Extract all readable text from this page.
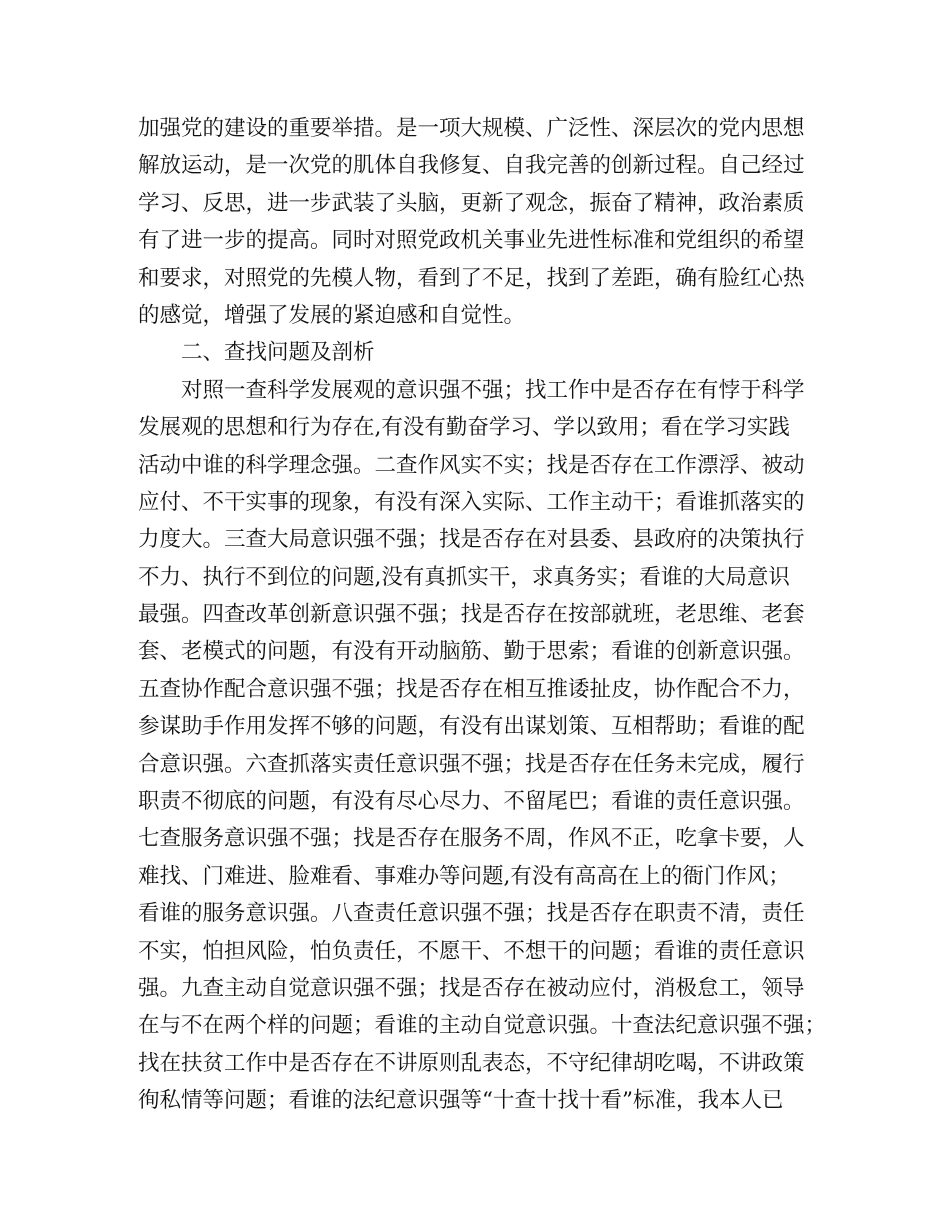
加强党的建设的重要举措。是一项大规模、广泛性、深层次的党内思想
解放运动，是一次党的肌体自我修复、自我完善的创新过程。自己经过
学习、反思，进一步武装了头脑，更新了观念，振奋了精神，政治素质
有了进一步的提高。同时对照党政机关事业先进性标准和党组织的希望
和要求，对照党的先模人物，看到了不足，找到了差距，确有脸红心热
的感觉，增强了发展的紧迫感和自觉性。
二、查找问题及剖析
对照一查科学发展观的意识强不强；找工作中是否存在有悖于科学
发展观的思想和行为存在,有没有勤奋学习、学以致用；看在学习实践
活动中谁的科学理念强。二查作风实不实；找是否存在工作漂浮、被动
应付、不干实事的现象，有没有深入实际、工作主动干；看谁抓落实的
力度大。三查大局意识强不强；找是否存在对县委、县政府的决策执行
不力、执行不到位的问题,没有真抓实干，求真务实；看谁的大局意识
最强。四查改革创新意识强不强；找是否存在按部就班，老思维、老套
套、老模式的问题，有没有开动脑筋、勤于思索；看谁的创新意识强。
五查协作配合意识强不强；找是否存在相互推诿扯皮，协作配合不力，
参谋助手作用发挥不够的问题，有没有出谋划策、互相帮助；看谁的配
合意识强。六查抓落实责任意识强不强；找是否存在任务未完成，履行
职责不彻底的问题，有没有尽心尽力、不留尾巴；看谁的责任意识强。
七查服务意识强不强；找是否存在服务不周，作风不正，吃拿卡要，人
难找、门难进、脸难看、事难办等问题,有没有高高在上的衙门作风；
看谁的服务意识强。八查责任意识强不强；找是否存在职责不清，责任
不实，怕担风险，怕负责任，不愿干、不想干的问题；看谁的责任意识
强。九查主动自觉意识强不强；找是否存在被动应付，消极怠工，领导
在与不在两个样的问题；看谁的主动自觉意识强。十查法纪意识强不强；
找在扶贫工作中是否存在不讲原则乱表态，不守纪律胡吃喝，不讲政策
徇私情等问题；看谁的法纪意识强等“十查十找十看”标准，我本人已
